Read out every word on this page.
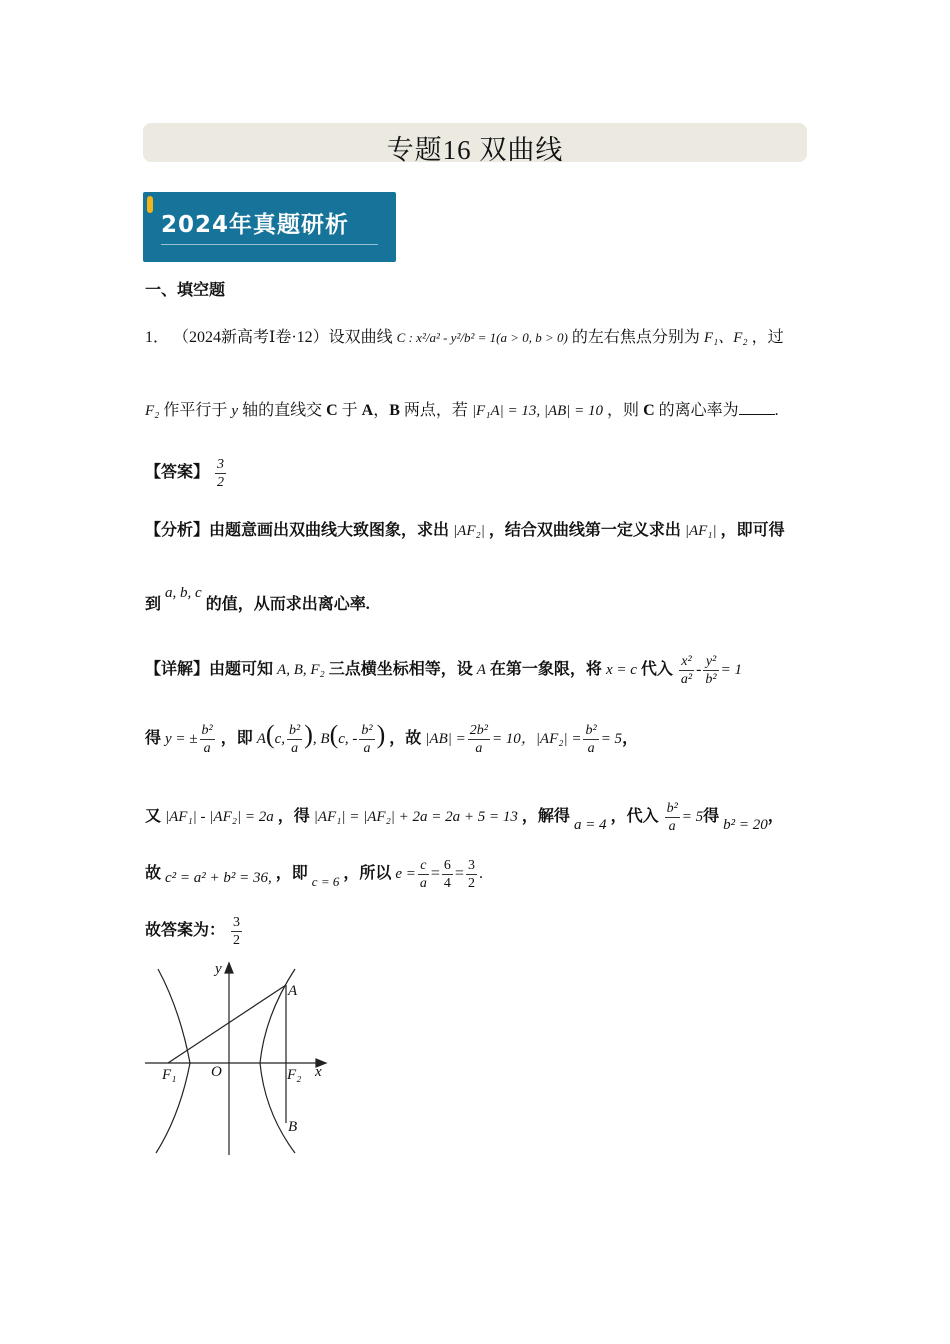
专题16 双曲线
2024年真题研析
一、填空题
1． （2024新高考Ⅰ卷·12）设双曲线 C : x²/a² - y²/b² = 1(a > 0, b > 0) 的左右焦点分别为 F₁、F₂ ，过
F₂ 作平行于 y 轴的直线交 C 于 A，B 两点，若 |F₁A| = 13, |AB| = 10 ，则 C 的离心率为 .
【答案】 $\frac{3}{2}$
【分析】由题意画出双曲线大致图象，求出 |AF₂| ，结合双曲线第一定义求出 |AF₁| ，即可得
到 a, b, c 的值，从而求出离心率.
【详解】由题可知 A, B, F₂ 三点横坐标相等，设 A 在第一象限，将 x = c 代入 $\frac{\text{x²}}{\text{a²}} - \frac{\text{y²}}{\text{b²}} = 1$
得 y = ± $\frac{\text{b²}}{a}$ ，即 A(c, $\frac{\text{b²}}{a}$ ), B(c, - $\frac{\text{b²}}{a}$ ) ，故 $|AB| = \frac{\text{2b²}}{a} = 10$，$|AF_2| = \frac{\text{b²}}{a} = 5$，
又 |AF₁| - |AF₂| = 2a ，得 |AF₁| = |AF₂| + 2a = 2a + 5 = 13 ，解得 a = 4 ，代入 $\frac{\text{b²}}{a} = 5$得 b² = 20，
故 c² = a² + b² = 36, ，即 $_{c = 6}$ ，所以 $e = \frac{c}{a} = \frac{6}{4} = \frac{3}{2}$ .
故答案为： $\frac{3}{2}$
y
x
O
A
B
F₁	F₂
